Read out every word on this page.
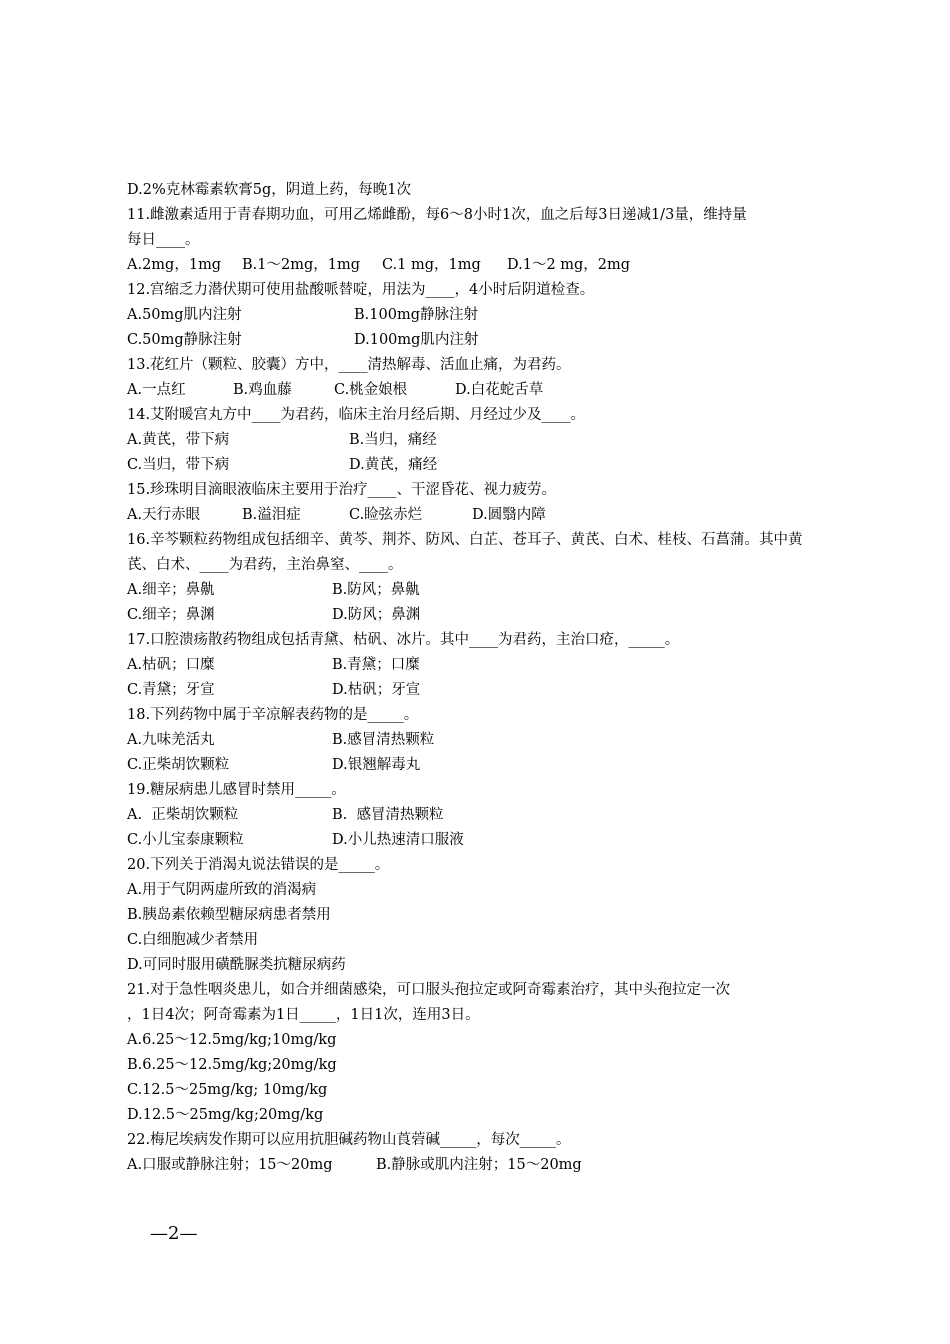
D.2%克林霉素软膏5g，阴道上药，每晚1次
11.雌激素适用于青春期功血，可用乙烯雌酚，每6～8小时1次，血之后每3日递减1/3量，维持量
每日____。
A.2mg，1mg B.1～2mg，1mg C.1 mg，1mg D.1～2 mg，2mg
12.宫缩乏力潜伏期可使用盐酸哌替啶，用法为____，4小时后阴道检查。
A.50mg肌内注射	B.100mg静脉注射
C.50mg静脉注射	D.100mg肌内注射
13.花红片（颗粒、胶囊）方中，____清热解毒、活血止痛，为君药。
A.一点红	B.鸡血藤	C.桃金娘根	D.白花蛇舌草
14.艾附暖宫丸方中____为君药，临床主治月经后期、月经过少及____。
A.黄芪，带下病	B.当归，痛经
C.当归，带下病	D.黄芪，痛经
15.珍珠明目滴眼液临床主要用于治疗____、干涩昏花、视力疲劳。
A.天行赤眼	B.溢泪症	C.睑弦赤烂	D.圆翳内障
16.辛芩颗粒药物组成包括细辛、黄芩、荆芥、防风、白芷、苍耳子、黄芪、白术、桂枝、石菖蒲。其中黄
芪、白术、____为君药，主治鼻窒、____。
A.细辛；鼻鼽	B.防风；鼻鼽
C.细辛；鼻渊	D.防风；鼻渊
17.口腔溃疡散药物组成包括青黛、枯矾、冰片。其中____为君药，主治口疮，_____。
A.枯矾；口糜	B.青黛；口糜
C.青黛；牙宣	D.枯矾；牙宣
18.下列药物中属于辛凉解表药物的是_____。
A.九味羌活丸	B.感冒清热颗粒
C.正柴胡饮颗粒	D.银翘解毒丸
19.糖尿病患儿感冒时禁用_____。
A.  正柴胡饮颗粒	B.  感冒清热颗粒
C.小儿宝泰康颗粒	D.小儿热速清口服液
20.下列关于消渴丸说法错误的是_____。
A.用于气阴两虚所致的消渴病
B.胰岛素依赖型糖尿病患者禁用
C.白细胞减少者禁用
D.可同时服用磺酰脲类抗糖尿病药
21.对于急性咽炎患儿，如合并细菌感染，可口服头孢拉定或阿奇霉素治疗，其中头孢拉定一次
，1日4次；阿奇霉素为1日_____，1日1次，连用3日。
A.6.25～12.5mg/kg;10mg/kg
B.6.25～12.5mg/kg;20mg/kg
C.12.5～25mg/kg; 10mg/kg
D.12.5～25mg/kg;20mg/kg
22.梅尼埃病发作期可以应用抗胆碱药物山莨菪碱_____，每次_____。
A.口服或静脉注射；15～20mg	B.静脉或肌内注射；15～20mg
—2—
